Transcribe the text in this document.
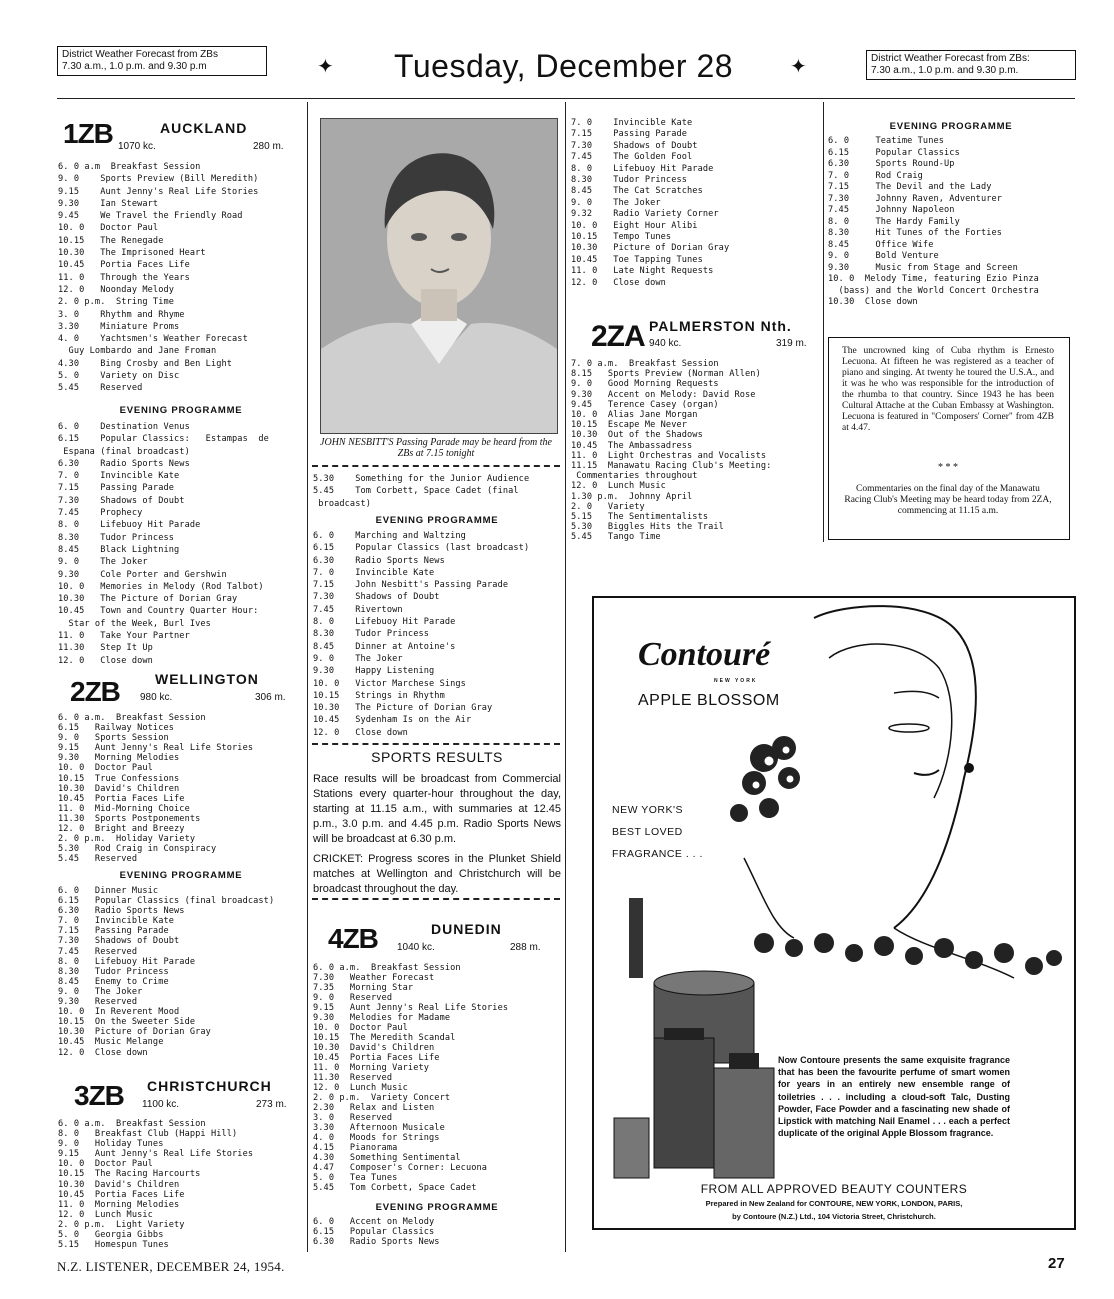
District Weather Forecast from ZBs
7.30 a.m., 1.0 p.m. and 9.30 p.m	✦ Tuesday, December 28	✦	District Weather Forecast from ZBs:
7.30 a.m., 1.0 p.m. and 9.30 p.m.
1ZB	AUCKLAND
1070 kc.	280 m.
6. 0 a.m  Breakfast Session
9. 0    Sports Preview (Bill Meredith)
9.15    Aunt Jenny's Real Life Stories
9.30    Ian Stewart
9.45    We Travel the Friendly Road
10. 0   Doctor Paul
10.15   The Renegade
10.30   The Imprisoned Heart
10.45   Portia Faces Life
11. 0   Through the Years
12. 0   Noonday Melody
2. 0 p.m.  String Time
3. 0    Rhythm and Rhyme
3.30    Miniature Proms
4. 0    Yachtsmen's Weather Forecast
Guy Lombardo and Jane Froman
4.30    Bing Crosby and Ben Light
5. 0    Variety on Disc
5.45    Reserved
EVENING PROGRAMME
6. 0    Destination Venus
6.15    Popular Classics:   Estampas  de
Espana (final broadcast)
6.30    Radio Sports News
7. 0    Invincible Kate
7.15    Passing Parade
7.30    Shadows of Doubt
7.45    Prophecy
8. 0    Lifebuoy Hit Parade
8.30    Tudor Princess
8.45    Black Lightning
9. 0    The Joker
9.30    Cole Porter and Gershwin
10. 0   Memories in Melody (Rod Talbot)
10.30   The Picture of Dorian Gray
10.45   Town and Country Quarter Hour:
Star of the Week, Burl Ives
11. 0   Take Your Partner
11.30   Step It Up
12. 0   Close down
2ZB	WELLINGTON
980 kc.	306 m.
6. 0 a.m.  Breakfast Session
6.15   Railway Notices
9. 0   Sports Session
9.15   Aunt Jenny's Real Life Stories
9.30   Morning Melodies
10. 0  Doctor Paul
10.15  True Confessions
10.30  David's Children
10.45  Portia Faces Life
11. 0  Mid-Morning Choice
11.30  Sports Postponements
12. 0  Bright and Breezy
2. 0 p.m.  Holiday Variety
5.30   Rod Craig in Conspiracy
5.45   Reserved
EVENING PROGRAMME
6. 0   Dinner Music
6.15   Popular Classics (final broadcast)
6.30   Radio Sports News
7. 0   Invincible Kate
7.15   Passing Parade
7.30   Shadows of Doubt
7.45   Reserved
8. 0   Lifebuoy Hit Parade
8.30   Tudor Princess
8.45   Enemy to Crime
9. 0   The Joker
9.30   Reserved
10. 0  In Reverent Mood
10.15  On the Sweeter Side
10.30  Picture of Dorian Gray
10.45  Music Melange
12. 0  Close down
3ZB CHRISTCHURCH
1100 kc.	273 m.
6. 0 a.m.  Breakfast Session
8. 0   Breakfast Club (Happi Hill)
9. 0   Holiday Tunes
9.15   Aunt Jenny's Real Life Stories
10. 0  Doctor Paul
10.15  The Racing Harcourts
10.30  David's Children
10.45  Portia Faces Life
11. 0  Morning Melodies
12. 0  Lunch Music
2. 0 p.m.  Light Variety
5. 0   Georgia Gibbs
5.15   Homespun Tunes
JOHN NESBITT'S Passing Parade may be heard from the ZBs at 7.15 tonight
5.30    Something for the Junior Audience
5.45    Tom Corbett, Space Cadet (final
broadcast)
EVENING PROGRAMME
6. 0    Marching and Waltzing
6.15    Popular Classics (last broadcast)
6.30    Radio Sports News
7. 0    Invincible Kate
7.15    John Nesbitt's Passing Parade
7.30    Shadows of Doubt
7.45    Rivertown
8. 0    Lifebuoy Hit Parade
8.30    Tudor Princess
8.45    Dinner at Antoine's
9. 0    The Joker
9.30    Happy Listening
10. 0   Victor Marchese Sings
10.15   Strings in Rhythm
10.30   The Picture of Dorian Gray
10.45   Sydenham Is on the Air
12. 0   Close down
SPORTS RESULTS
Race results will be broadcast from Commercial Stations every quarter-hour throughout the day, starting at 11.15 a.m., with summaries at 12.45 p.m., 3.0 p.m. and 4.45 p.m. Radio Sports News will be broadcast at 6.30 p.m.
CRICKET: Progress scores in the Plunket Shield matches at Wellington and Christchurch will be broadcast throughout the day.
4ZB	DUNEDIN
1040 kc.	288 m.
6. 0 a.m.  Breakfast Session
7.30   Weather Forecast
7.35   Morning Star
9. 0   Reserved
9.15   Aunt Jenny's Real Life Stories
9.30   Melodies for Madame
10. 0  Doctor Paul
10.15  The Meredith Scandal
10.30  David's Children
10.45  Portia Faces Life
11. 0  Morning Variety
11.30  Reserved
12. 0  Lunch Music
2. 0 p.m.  Variety Concert
2.30   Relax and Listen
3. 0   Reserved
3.30   Afternoon Musicale
4. 0   Moods for Strings
4.15   Pianorama
4.30   Something Sentimental
4.47   Composer's Corner: Lecuona
5. 0   Tea Tunes
5.45   Tom Corbett, Space Cadet
EVENING PROGRAMME
6. 0   Accent on Melody
6.15   Popular Classics
6.30   Radio Sports News
7. 0    Invincible Kate
7.15    Passing Parade
7.30    Shadows of Doubt
7.45    The Golden Fool
8. 0    Lifebuoy Hit Parade
8.30    Tudor Princess
8.45    The Cat Scratches
9. 0    The Joker
9.32    Radio Variety Corner
10. 0   Eight Hour Alibi
10.15   Tempo Tunes
10.30   Picture of Dorian Gray
10.45   Toe Tapping Tunes
11. 0   Late Night Requests
12. 0   Close down
2ZA PALMERSTON Nth.
940 kc.	319 m.
7. 0 a.m.  Breakfast Session
8.15   Sports Preview (Norman Allen)
9. 0   Good Morning Requests
9.30   Accent on Melody: David Rose
9.45   Terence Casey (organ)
10. 0  Alias Jane Morgan
10.15  Escape Me Never
10.30  Out of the Shadows
10.45  The Ambassadress
11. 0  Light Orchestras and Vocalists
11.15  Manawatu Racing Club's Meeting:
Commentaries throughout
12. 0  Lunch Music
1.30 p.m.  Johnny April
2. 0   Variety
5.15   The Sentimentalists
5.30   Biggles Hits the Trail
5.45   Tango Time
EVENING PROGRAMME
6. 0     Teatime Tunes
6.15     Popular Classics
6.30     Sports Round-Up
7. 0     Rod Craig
7.15     The Devil and the Lady
7.30     Johnny Raven, Adventurer
7.45     Johnny Napoleon
8. 0     The Hardy Family
8.30     Hit Tunes of the Forties
8.45     Office Wife
9. 0     Bold Venture
9.30     Music from Stage and Screen
10. 0  Melody Time, featuring Ezio Pinza
(bass) and the World Concert Orchestra
10.30  Close down
The uncrowned king of Cuba rhythm is Ernesto Lecuona. At fifteen he was registered as a teacher of piano and singing. At twenty he toured the U.S.A., and it was he who was responsible for the introduction of the rhumba to that country. Since 1943 he has been Cultural Attache at the Cuban Embassy at Washington. Lecuona is featured in "Composers' Corner" from 4ZB at 4.47.
* * *
Commentaries on the final day of the Manawatu Racing Club's Meeting may be heard today from 2ZA, commencing at 11.15 a.m.
Contouré
NEW YORK
APPLE BLOSSOM
NEW YORK'S
BEST LOVED
FRAGRANCE . . .
Now Contoure presents the same exquisite fragrance that has been the favourite perfume of smart women for years in an entirely new ensemble range of toiletries . . . including a cloud-soft Talc, Dusting Powder, Face Powder and a fascinating new shade of Lipstick with matching Nail Enamel . . . each a perfect duplicate of the original Apple Blossom fragrance.
FROM ALL APPROVED BEAUTY COUNTERS
Prepared in New Zealand for CONTOURE, NEW YORK, LONDON, PARIS,
by Contoure (N.Z.) Ltd., 104 Victoria Street, Christchurch.
N.Z. LISTENER, DECEMBER 24, 1954.	27
